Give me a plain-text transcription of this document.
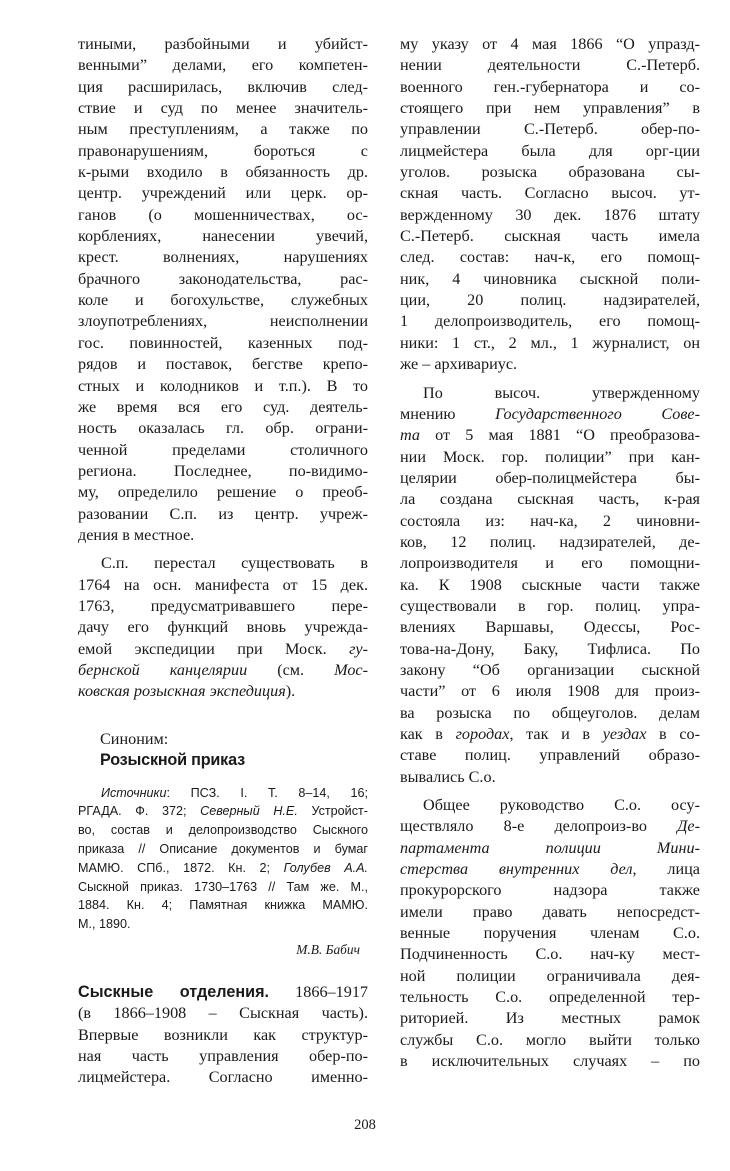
тиными, разбойными и убийст-
венными” делами, его компетен-
ция расширилась, включив след-
ствие и суд по менее значитель-
ным преступлениям, а также по
правонарушениям, бороться с
к-рыми входило в обязанность др.
центр. учреждений или церк. ор-
ганов (о мошенничествах, ос-
корблениях, нанесении увечий,
крест. волнениях, нарушениях
брачного законодательства, рас-
коле и богохульстве, служебных
злоупотреблениях, неисполнении
гос. повинностей, казенных под-
рядов и поставок, бегстве крепо-
стных и колодников и т.п.). В то
же время вся его суд. деятель-
ность оказалась гл. обр. ограни-
ченной пределами столичного
региона. Последнее, по-видимо-
му, определило решение о преоб-
разовании С.п. из центр. учреж-
дения в местное.
С.п. перестал существовать в
1764 на осн. манифеста от 15 дек.
1763, предусматривавшего пере-
дачу его функций вновь учрежда-
емой экспедиции при Моск. гу-
бернской канцелярии (см. Мос-
ковская розыскная экспедиция).
Синоним:
Розыскной приказ
Источники: ПСЗ. I. Т. 8–14, 16;
РГАДА. Ф. 372; Северный Н.Е. Устройст-
во, состав и делопроизводство Сыскного
приказа // Описание документов и бумаг
МАМЮ. СПб., 1872. Кн. 2; Голубев А.А.
Сыскной приказ. 1730–1763 // Там же. М.,
1884. Кн. 4; Памятная книжка МАМЮ.
М., 1890.
М.В. Бабич
Сыскные отделения. 1866–1917
(в 1866–1908 – Сыскная часть).
Впервые возникли как структур-
ная часть управления обер-по-
лицмейстера. Согласно именно-
му указу от 4 мая 1866 “О упразд-
нении деятельности С.-Петерб.
военного ген.-губернатора и со-
стоящего при нем управления” в
управлении С.-Петерб. обер-по-
лицмейстера была для орг-ции
уголов. розыска образована сы-
скная часть. Согласно высоч. ут-
вержденному 30 дек. 1876 штату
С.-Петерб. сыскная часть имела
след. состав: нач-к, его помощ-
ник, 4 чиновника сыскной поли-
ции, 20 полиц. надзирателей,
1 делопроизводитель, его помощ-
ники: 1 ст., 2 мл., 1 журналист, он
же – архивариус.
По высоч. утвержденному
мнению Государственного Сове-
та от 5 мая 1881 “О преобразова-
нии Моск. гор. полиции” при кан-
целярии обер-полицмейстера бы-
ла создана сыскная часть, к-рая
состояла из: нач-ка, 2 чиновни-
ков, 12 полиц. надзирателей, де-
лопроизводителя и его помощни-
ка. К 1908 сыскные части также
существовали в гор. полиц. упра-
влениях Варшавы, Одессы, Рос-
това-на-Дону, Баку, Тифлиса. По
закону “Об организации сыскной
части” от 6 июля 1908 для произ-
ва розыска по общеуголов. делам
как в городах, так и в уездах в со-
ставе полиц. управлений образо-
вывались С.о.
Общее руководство С.о. осу-
ществляло 8-е делопроиз-во Де-
партамента полиции Мини-
стерства внутренних дел, лица
прокурорского надзора также
имели право давать непосредст-
венные поручения членам С.о.
Подчиненность С.о. нач-ку мест-
ной полиции ограничивала дея-
тельность С.о. определенной тер-
риторией. Из местных рамок
службы С.о. могло выйти только
в исключительных случаях – по
208
